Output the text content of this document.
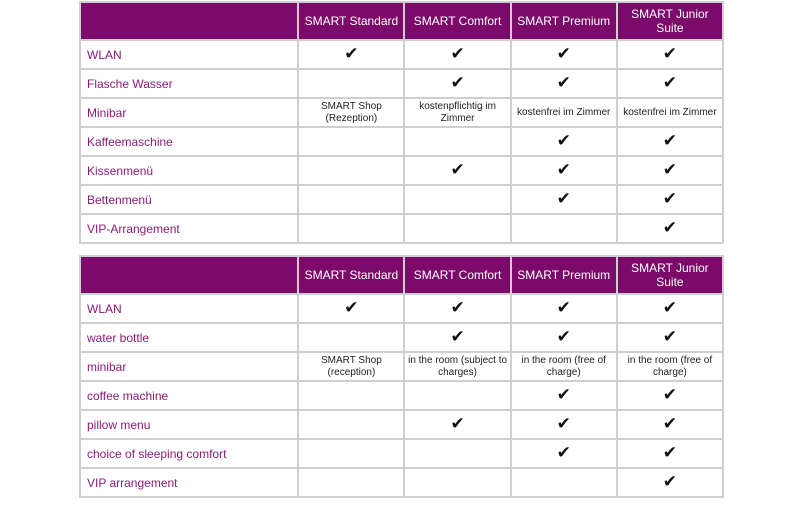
	SMART Standard	SMART Comfort	SMART Premium	SMART Junior Suite
WLAN	✔	✔	✔	✔
Flasche Wasser		✔	✔	✔
Minibar	SMART Shop (Rezeption)	kostenpflichtig im Zimmer	kostenfrei im Zimmer	kostenfrei im Zimmer

Kaffeemaschine			✔	✔
Kissenmenü		✔	✔	✔
Bettenmenü			✔	✔
VIP-Arrangement				✔
	SMART Standard	SMART Comfort	SMART Premium	SMART Junior Suite
WLAN	✔	✔	✔	✔
water bottle		✔	✔	✔
minibar	SMART Shop (reception)	in the room (subject to charges)	in the room (free of charge)	in the room (free of charge)

coffee machine			✔	✔
pillow menu		✔	✔	✔
choice of sleeping comfort			✔	✔
VIP arrangement				✔
